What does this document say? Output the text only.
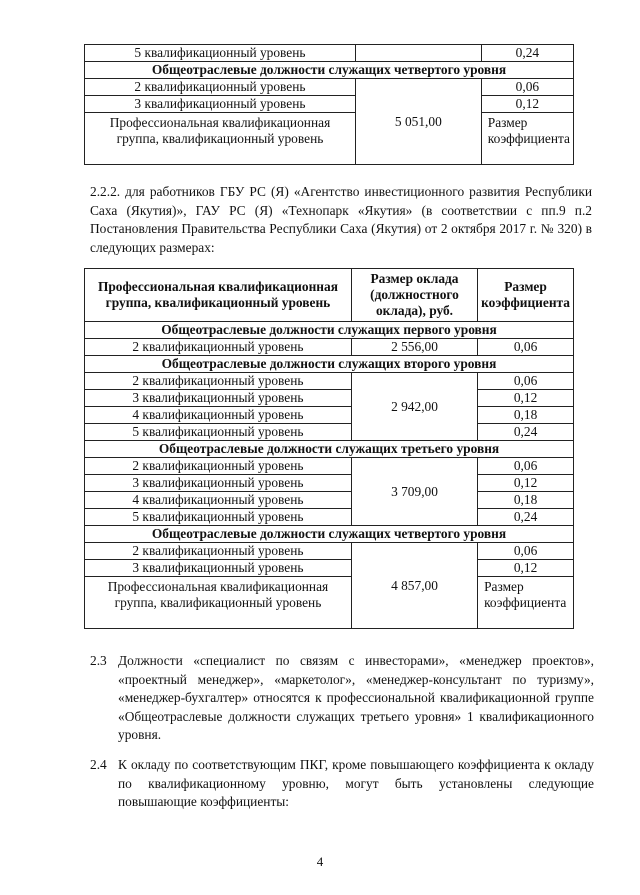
5 квалификационный уровень		0,24
Общеотраслевые должности служащих четвертого уровня		
2 квалификационный уровень	5 051,00	0,06
3 квалификационный уровень		0,12
Профессиональная квалификационная группа, квалификационный уровень		Размер коэффициента
2.2.2. для работников ГБУ РС (Я) «Агентство инвестиционного развития Республики Саха (Якутия)», ГАУ РС (Я) «Технопарк «Якутия» (в соответствии с пп.9 п.2 Постановления Правительства Республики Саха (Якутия) от 2 октября 2017 г. № 320) в следующих размерах:
Профессиональная квалификационная группа, квалификационный уровень	Размер оклада (должностного оклада), руб.	Размер коэффициента
Общеотраслевые должности служащих первого уровня		
2 квалификационный уровень	2 556,00	0,06
Общеотраслевые должности служащих второго уровня		
2 квалификационный уровень	2 942,00	0,06
3 квалификационный уровень		0,12
4 квалификационный уровень		0,18
5 квалификационный уровень		0,24
Общеотраслевые должности служащих третьего уровня		
2 квалификационный уровень	3 709,00	0,06
3 квалификационный уровень		0,12
4 квалификационный уровень		0,18
5 квалификационный уровень		0,24
Общеотраслевые должности служащих четвертого уровня		
2 квалификационный уровень	4 857,00	0,06
3 квалификационный уровень		0,12
Профессиональная квалификационная группа, квалификационный уровень		Размер коэффициента
2.3 Должности «специалист по связям с инвесторами», «менеджер проектов», «проектный менеджер», «маркетолог», «менеджер-консультант по туризму», «менеджер-бухгалтер» относятся к профессиональной квалификационной группе «Общеотраслевые должности служащих третьего уровня» 1 квалификационного уровня.
2.4 К окладу по соответствующим ПКГ, кроме повышающего коэффициента к окладу по квалификационному уровню, могут быть установлены следующие повышающие коэффициенты:
4
